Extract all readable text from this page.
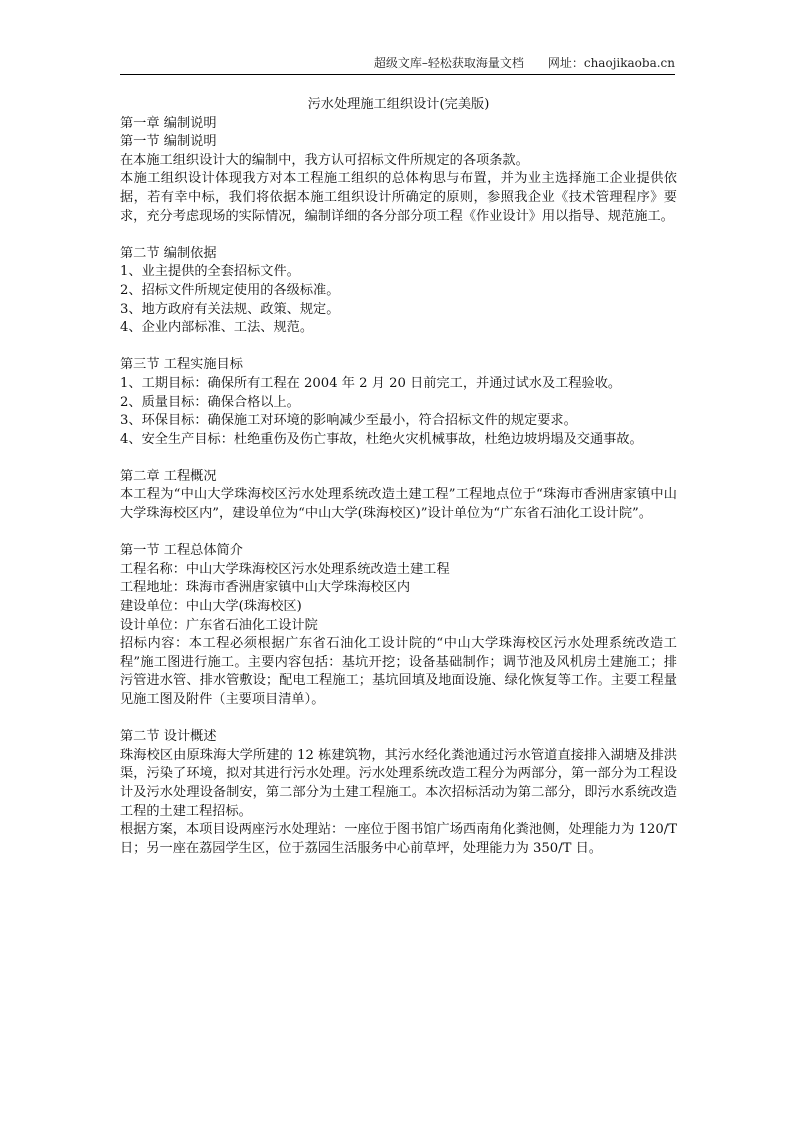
超级文库–轻松获取海量文档 网址：chaojikaoba.cn

污水处理施工组织设计(完美版)

第一章 编制说明

第一节 编制说明

在本施工组织设计大的编制中，我方认可招标文件所规定的各项条款。

本施工组织设计体现我方对本工程施工组织的总体构思与布置，并为业主选择施工企业提供依据，若有幸中标，我们将依据本施工组织设计所确定的原则，参照我企业《技术管理程序》要求，充分考虑现场的实际情况，编制详细的各分部分项工程《作业设计》用以指导、规范施工。

第二节 编制依据

1、业主提供的全套招标文件。

2、招标文件所规定使用的各级标准。

3、地方政府有关法规、政策、规定。

4、企业内部标准、工法、规范。

第三节 工程实施目标

1、工期目标：确保所有工程在 2004 年 2 月 20 日前完工，并通过试水及工程验收。

2、质量目标：确保合格以上。

3、环保目标：确保施工对环境的影响减少至最小，符合招标文件的规定要求。

4、安全生产目标：杜绝重伤及伤亡事故，杜绝火灾机械事故，杜绝边坡坍塌及交通事故。

第二章 工程概况

本工程为“中山大学珠海校区污水处理系统改造土建工程”工程地点位于“珠海市香洲唐家镇中山大学珠海校区内”，建设单位为“中山大学(珠海校区)”设计单位为“广东省石油化工设计院”。

第一节 工程总体简介

工程名称：中山大学珠海校区污水处理系统改造土建工程

工程地址：珠海市香洲唐家镇中山大学珠海校区内

建设单位：中山大学(珠海校区)

设计单位：广东省石油化工设计院

招标内容：本工程必须根据广东省石油化工设计院的“中山大学珠海校区污水处理系统改造工程”施工图进行施工。主要内容包括：基坑开挖；设备基础制作；调节池及风机房土建施工；排污管进水管、排水管敷设；配电工程施工；基坑回填及地面设施、绿化恢复等工作。主要工程量见施工图及附件（主要项目清单）。

第二节 设计概述

珠海校区由原珠海大学所建的 12 栋建筑物，其污水经化粪池通过污水管道直接排入湖塘及排洪渠，污染了环境，拟对其进行污水处理。污水处理系统改造工程分为两部分，第一部分为工程设计及污水处理设备制安，第二部分为土建工程施工。本次招标活动为第二部分，即污水系统改造工程的土建工程招标。

根据方案，本项目设两座污水处理站：一座位于图书馆广场西南角化粪池侧，处理能力为 120/T 日；另一座在荔园学生区，位于荔园生活服务中心前草坪，处理能力为 350/T 日。
